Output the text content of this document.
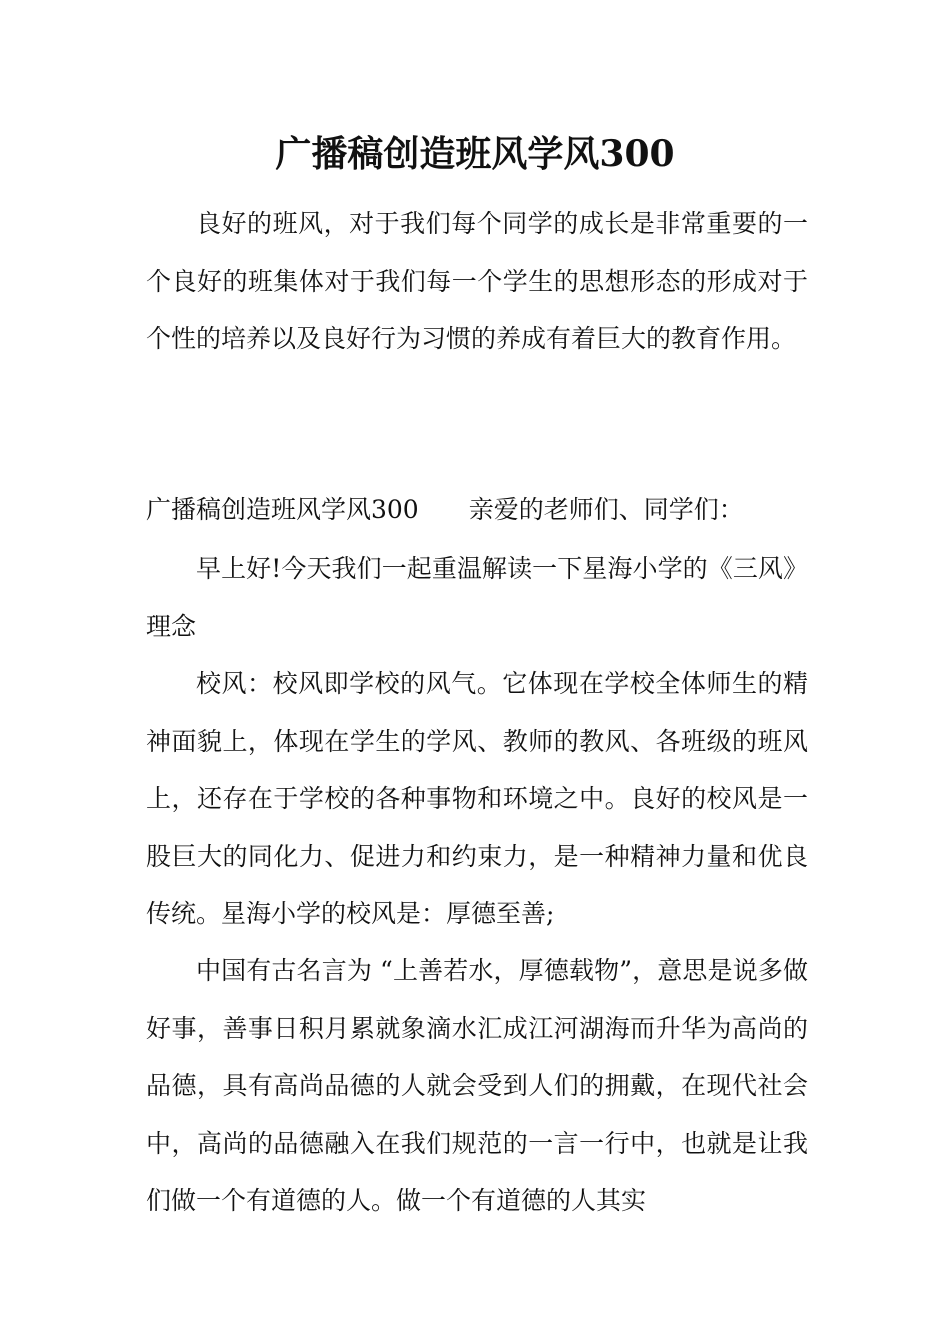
广播稿创造班风学风300

良好的班风，对于我们每个同学的成长是非常重要的一个良好的班集体对于我们每一个学生的思想形态的形成对于个性的培养以及良好行为习惯的养成有着巨大的教育作用。

广播稿创造班风学风300 亲爱的老师们、同学们：

早上好!今天我们一起重温解读一下星海小学的《三风》理念

校风：校风即学校的风气。它体现在学校全体师生的精神面貌上，体现在学生的学风、教师的教风、各班级的班风上，还存在于学校的各种事物和环境之中。良好的校风是一股巨大的同化力、促进力和约束力，是一种精神力量和优良传统。星海小学的校风是：厚德至善;

中国有古名言为 “上善若水，厚德载物”，意思是说多做好事，善事日积月累就象滴水汇成江河湖海而升华为高尚的品德，具有高尚品德的人就会受到人们的拥戴，在现代社会中，高尚的品德融入在我们规范的一言一行中，也就是让我们做一个有道德的人。做一个有道德的人其实
